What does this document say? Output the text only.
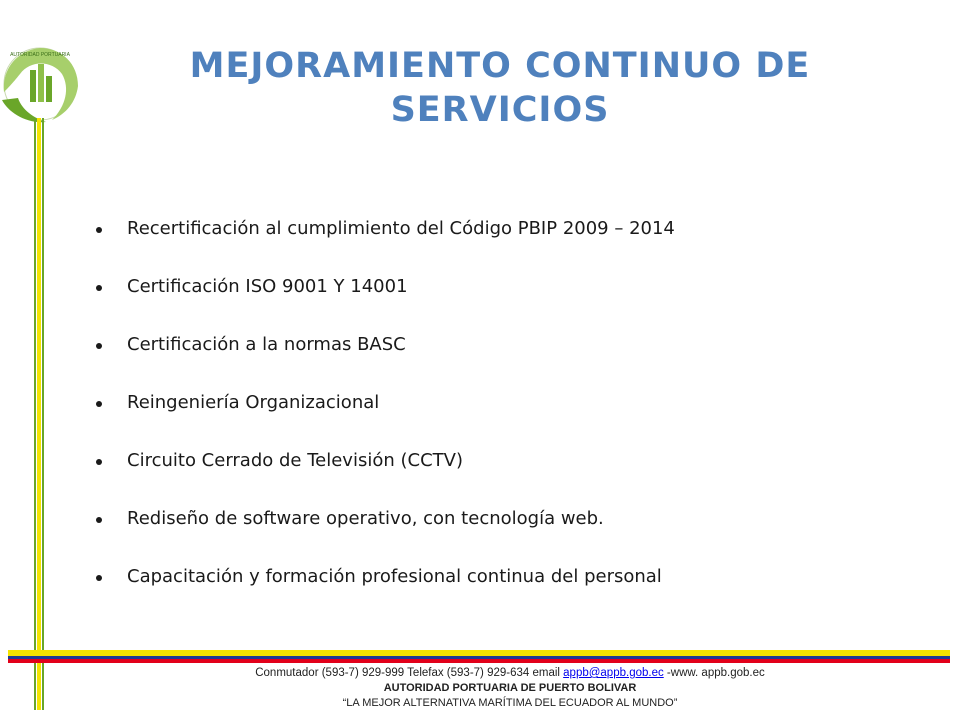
AUTORIDAD PORTUARIA	MEJORAMIENTO CONTINUO DE SERVICIOS
Recertificación al cumplimiento del Código PBIP 2009 – 2014
Certificación ISO 9001 Y 14001
Certificación a la normas BASC
Reingeniería Organizacional
Circuito Cerrado de Televisión (CCTV)
Rediseño de software operativo, con tecnología web.
Capacitación y formación profesional continua del personal
Conmutador (593-7) 929-999 Telefax (593-7) 929-634 email appb@appb.gob.ec -www. appb.gob.ec
AUTORIDAD PORTUARIA DE PUERTO BOLIVAR
“LA MEJOR ALTERNATIVA MARÍTIMA DEL ECUADOR AL MUNDO”
